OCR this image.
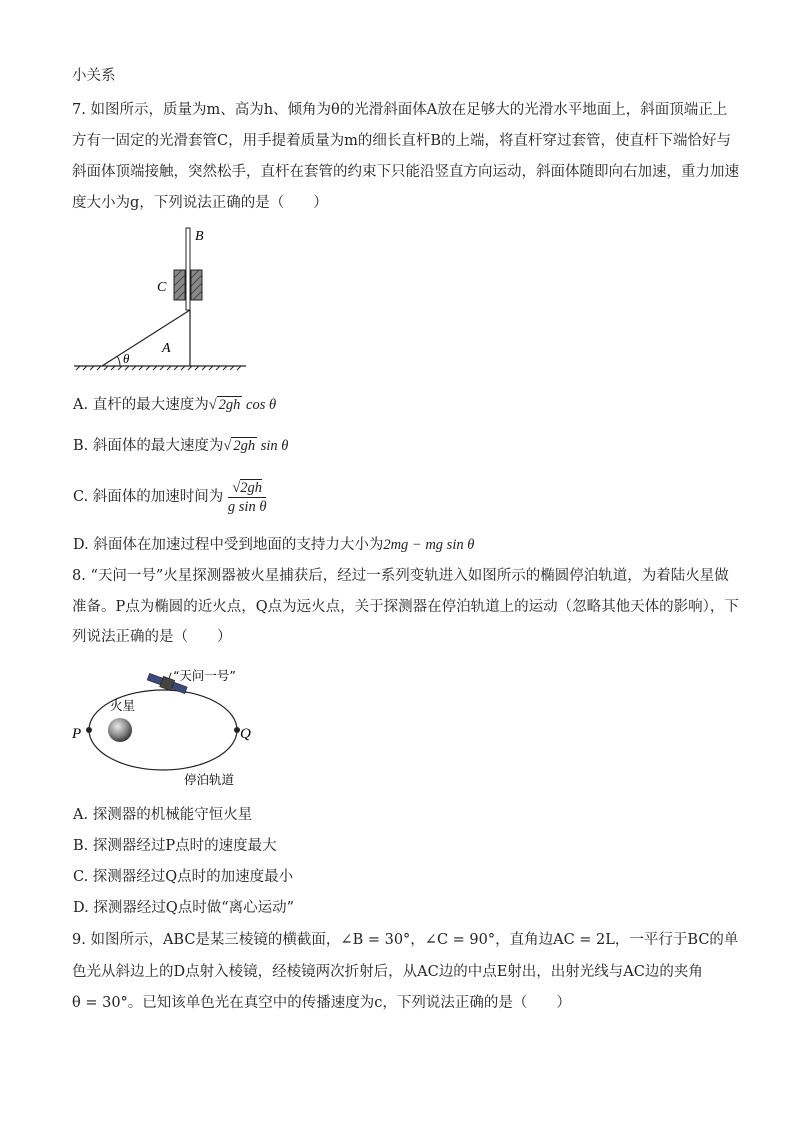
小关系
7. 如图所示，质量为m、高为h、倾角为θ的光滑斜面体A放在足够大的光滑水平地面上，斜面顶端正上
方有一固定的光滑套管C，用手提着质量为m的细长直杆B的上端，将直杆穿过套管，使直杆下端恰好与
斜面体顶端接触，突然松手，直杆在套管的约束下只能沿竖直方向运动，斜面体随即向右加速，重力加速
度大小为g，下列说法正确的是（　　）
B
C
A
θ
A. 直杆的最大速度为√ 2gh cos θ
B. 斜面体的最大速度为√ 2gh sin θ
C. 斜面体的加速时间为 $\frac{√2gh}{\text{g sin θ}}$
D. 斜面体在加速过程中受到地面的支持力大小为2mg − mg sin θ
8. “天问一号”火星探测器被火星捕获后，经过一系列变轨进入如图所示的椭圆停泊轨道，为着陆火星做
准备。P点为椭圆的近火点，Q点为远火点，关于探测器在停泊轨道上的运动（忽略其他天体的影响），下
列说法正确的是（　　）
“天问一号”
火星
P	Q
停泊轨道
A. 探测器的机械能守恒火星
B. 探测器经过P点时的速度最大
C. 探测器经过Q点时的加速度最小
D. 探测器经过Q点时做“离心运动”
9. 如图所示，ABC是某三棱镜的横截面，∠B = 30°，∠C = 90°，直角边AC = 2L，一平行于BC的单
色光从斜边上的D点射入棱镜，经棱镜两次折射后，从AC边的中点E射出，出射光线与AC边的夹角
θ = 30°。已知该单色光在真空中的传播速度为c，下列说法正确的是（　　）
